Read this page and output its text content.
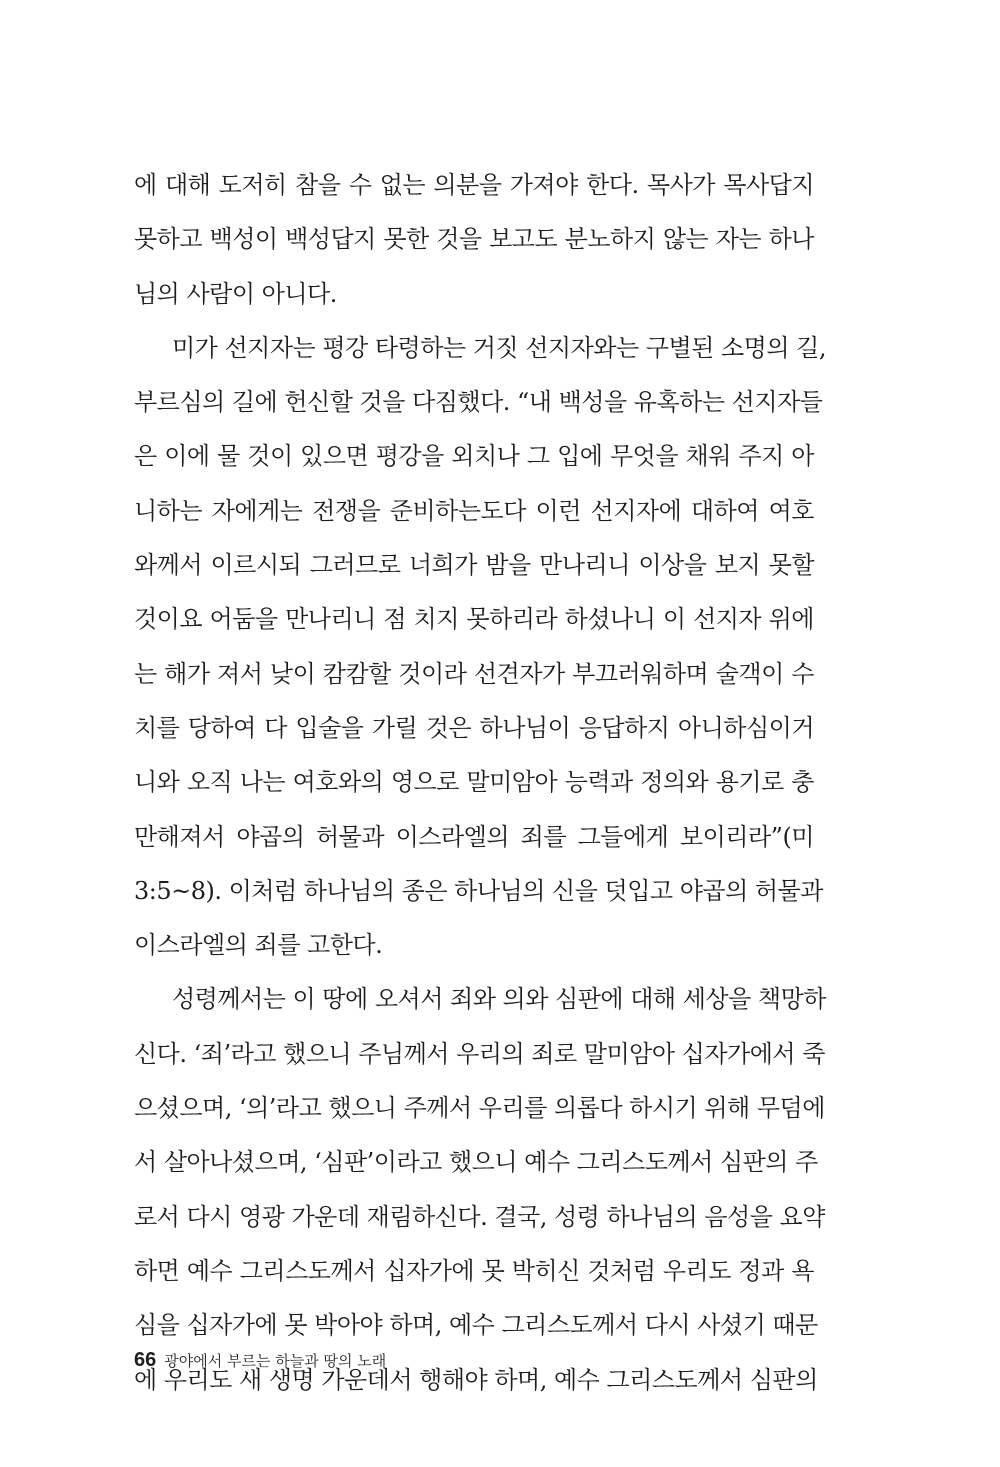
에 대해 도저히 참을 수 없는 의분을 가져야 한다. 목사가 목사답지
못하고 백성이 백성답지 못한 것을 보고도 분노하지 않는 자는 하나
님의 사람이 아니다.
미가 선지자는 평강 타령하는 거짓 선지자와는 구별된 소명의 길,
부르심의 길에 헌신할 것을 다짐했다. “내 백성을 유혹하는 선지자들
은 이에 물 것이 있으면 평강을 외치나 그 입에 무엇을 채워 주지 아
니하는 자에게는 전쟁을 준비하는도다 이런 선지자에 대하여 여호
와께서 이르시되 그러므로 너희가 밤을 만나리니 이상을 보지 못할
것이요 어둠을 만나리니 점 치지 못하리라 하셨나니 이 선지자 위에
는 해가 져서 낮이 캄캄할 것이라 선견자가 부끄러워하며 술객이 수
치를 당하여 다 입술을 가릴 것은 하나님이 응답하지 아니하심이거
니와 오직 나는 여호와의 영으로 말미암아 능력과 정의와 용기로 충
만해져서 야곱의 허물과 이스라엘의 죄를 그들에게 보이리라”(미
3:5~8). 이처럼 하나님의 종은 하나님의 신을 덧입고 야곱의 허물과
이스라엘의 죄를 고한다.
성령께서는 이 땅에 오셔서 죄와 의와 심판에 대해 세상을 책망하
신다. ‘죄’라고 했으니 주님께서 우리의 죄로 말미암아 십자가에서 죽
으셨으며, ‘의’라고 했으니 주께서 우리를 의롭다 하시기 위해 무덤에
서 살아나셨으며, ‘심판’이라고 했으니 예수 그리스도께서 심판의 주
로서 다시 영광 가운데 재림하신다. 결국, 성령 하나님의 음성을 요약
하면 예수 그리스도께서 십자가에 못 박히신 것처럼 우리도 정과 욕
심을 십자가에 못 박아야 하며, 예수 그리스도께서 다시 사셨기 때문
에 우리도 새 생명 가운데서 행해야 하며, 예수 그리스도께서 심판의
66 광야에서 부르는 하늘과 땅의 노래
